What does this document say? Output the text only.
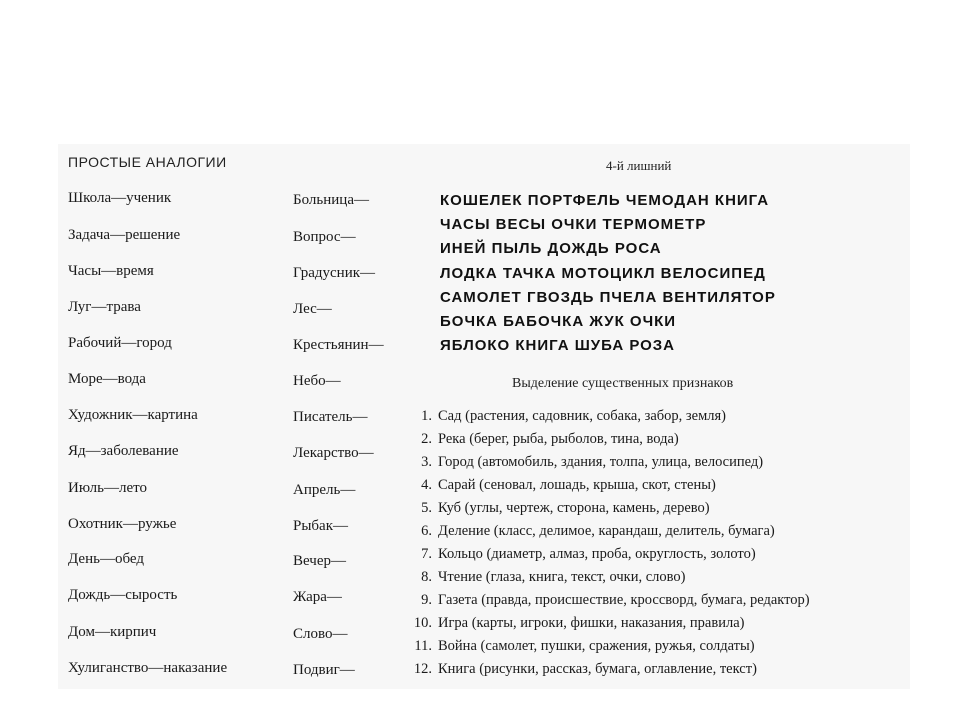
ПРОСТЫЕ АНАЛОГИИ	4-й лишний
Школа—ученик
Задача—решение
Часы—время
Луг—трава
Рабочий—город
Море—вода
Художник—картина
Яд—заболевание
Июль—лето
Охотник—ружье
День—обед
Дождь—сырость
Дом—кирпич
Хулиганство—наказание
Больница—
Вопрос—
Градусник—
Лес—
Крестьянин—
Небо—
Писатель—
Лекарство—
Апрель—
Рыбак—
Вечер—
Жара—
Слово—
Подвиг—
КОШЕЛЕК ПОРТФЕЛЬ ЧЕМОДАН КНИГА
ЧАСЫ ВЕСЫ ОЧКИ ТЕРМОМЕТР
ИНЕЙ ПЫЛЬ ДОЖДЬ РОСА
ЛОДКА ТАЧКА МОТОЦИКЛ ВЕЛОСИПЕД
САМОЛЕТ ГВОЗДЬ ПЧЕЛА ВЕНТИЛЯТОР
БОЧКА БАБОЧКА ЖУК ОЧКИ
ЯБЛОКО КНИГА ШУБА РОЗА
Выделение существенных признаков
1. Сад (растения, садовник, собака, забор, земля)
2. Река (берег, рыба, рыболов, тина, вода)
3. Город (автомобиль, здания, толпа, улица, велосипед)
4. Сарай (сеновал, лошадь, крыша, скот, стены)
5. Куб (углы, чертеж, сторона, камень, дерево)
6. Деление (класс, делимое, карандаш, делитель, бумага)
7. Кольцо (диаметр, алмаз, проба, округлость, золото)
8. Чтение (глаза, книга, текст, очки, слово)
9. Газета (правда, происшествие, кроссворд, бумага, редактор)
10. Игра (карты, игроки, фишки, наказания, правила)
11. Война (самолет, пушки, сражения, ружья, солдаты)
12. Книга (рисунки, рассказ, бумага, оглавление, текст)
